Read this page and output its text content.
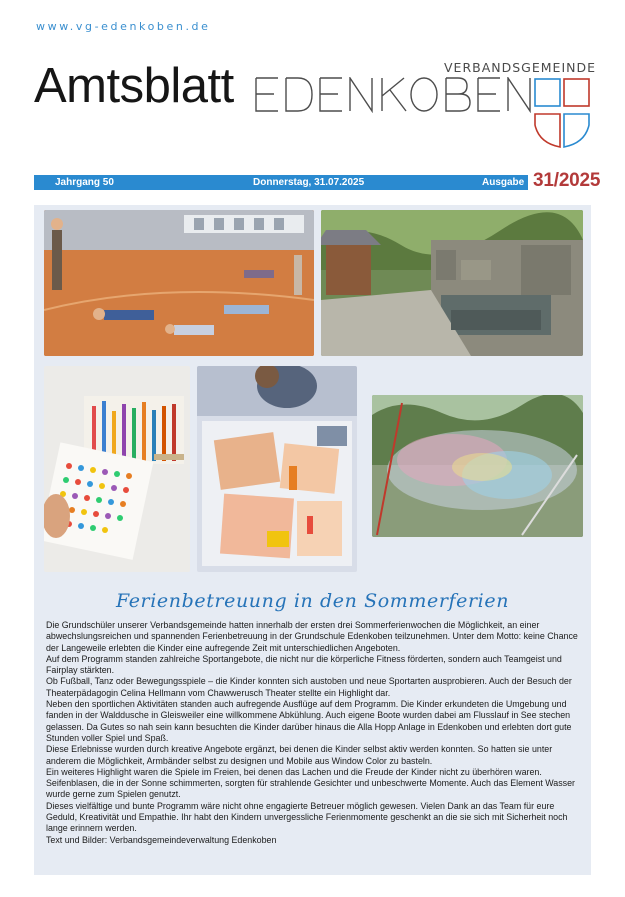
www.vg-edenkoben.de
Amtsblatt	VERBANDSGEMEINDE
Jahrgang 50	Donnerstag, 31.07.2025	Ausgabe 31/2025
Ferienbetreuung in den Sommerferien

Die Grundschüler unserer Verbandsgemeinde hatten innerhalb der ersten drei Sommerferienwochen die Möglichkeit, an einer abwechslungsreichen und spannenden Ferienbetreuung in der Grundschule Edenkoben teilzunehmen. Unter dem Motto: keine Chance der Langeweile erlebten die Kinder eine aufregende Zeit mit unterschiedlichen Angeboten.

Auf dem Programm standen zahlreiche Sportangebote, die nicht nur die körperliche Fitness förderten, sondern auch Teamgeist und Fairplay stärkten.

Ob Fußball, Tanz oder Bewegungsspiele – die Kinder konnten sich austoben und neue Sportarten ausprobieren. Auch der Besuch der Theaterpädagogin Celina Hellmann vom Chawwerusch Theater stellte ein Highlight dar.

Neben den sportlichen Aktivitäten standen auch aufregende Ausflüge auf dem Programm. Die Kinder erkundeten die Umgebung und fanden in der Walddusche in Gleisweiler eine willkommene Abkühlung. Auch eigene Boote wurden dabei am Flusslauf in See stechen gelassen. Da Gutes so nah sein kann besuchten die Kinder darüber hinaus die Alla Hopp Anlage in Edenkoben und erlebten dort gute Stunden voller Spiel und Spaß.

Diese Erlebnisse wurden durch kreative Angebote ergänzt, bei denen die Kinder selbst aktiv werden konnten. So hatten sie unter anderem die Möglichkeit, Armbänder selbst zu designen und Mobile aus Window Color zu basteln.

Ein weiteres Highlight waren die Spiele im Freien, bei denen das Lachen und die Freude der Kinder nicht zu überhören waren. Seifenblasen, die in der Sonne schimmerten, sorgten für strahlende Gesichter und unbeschwerte Momente. Auch das Element Wasser wurde gerne zum Spielen genutzt.

Dieses vielfältige und bunte Programm wäre nicht ohne engagierte Betreuer möglich gewesen. Vielen Dank an das Team für eure Geduld, Kreativität und Empathie. Ihr habt den Kindern unvergessliche Ferienmomente geschenkt an die sie sich mit Sicherheit noch lange erinnern werden.

Text und Bilder: Verbandsgemeindeverwaltung Edenkoben
